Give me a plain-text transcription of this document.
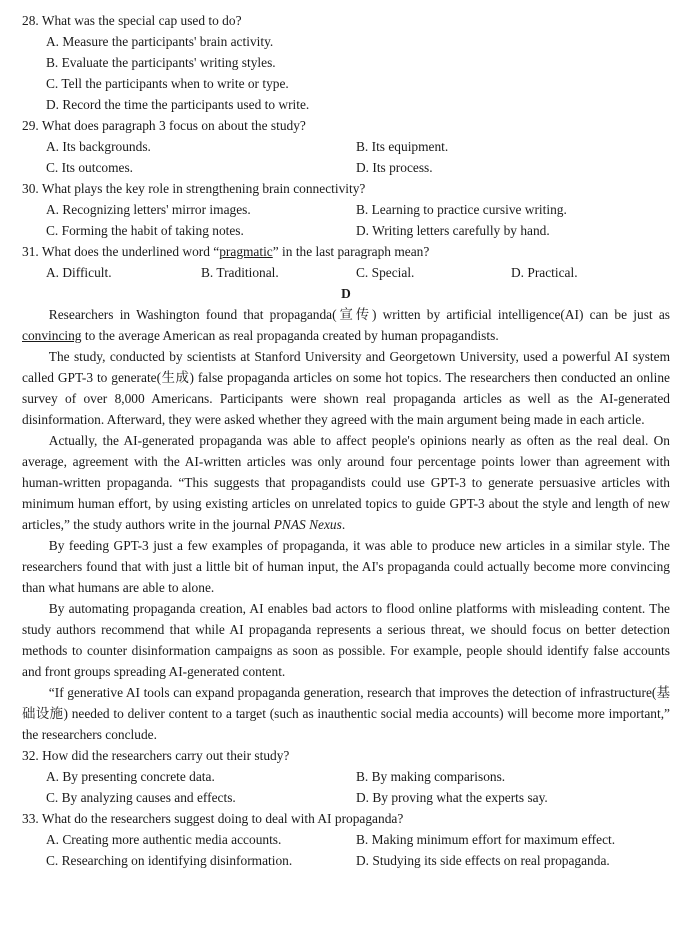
28. What was the special cap used to do?
A. Measure the participants' brain activity.
B. Evaluate the participants' writing styles.
C. Tell the participants when to write or type.
D. Record the time the participants used to write.
29. What does paragraph 3 focus on about the study?
A. Its backgrounds.	B. Its equipment.
C. Its outcomes.	D. Its process.
30. What plays the key role in strengthening brain connectivity?
A. Recognizing letters' mirror images.	B. Learning to practice cursive writing.
C. Forming the habit of taking notes.	D. Writing letters carefully by hand.
31. What does the underlined word “pragmatic” in the last paragraph mean?
A. Difficult.	B. Traditional.	C. Special.	D. Practical.
D

Researchers in Washington found that propaganda(宣传) written by artificial intelligence(AI) can be just as convincing to the average American as real propaganda created by human propagandists.

The study, conducted by scientists at Stanford University and Georgetown University, used a powerful AI system called GPT-3 to generate(生成) false propaganda articles on some hot topics. The researchers then conducted an online survey of over 8,000 Americans. Participants were shown real propaganda articles as well as the AI-generated disinformation. Afterward, they were asked whether they agreed with the main argument being made in each article.

Actually, the AI-generated propaganda was able to affect people's opinions nearly as often as the real deal. On average, agreement with the AI-written articles was only around four percentage points lower than agreement with human-written propaganda. “This suggests that propagandists could use GPT-3 to generate persuasive articles with minimum human effort, by using existing articles on unrelated topics to guide GPT-3 about the style and length of new articles,” the study authors write in the journal PNAS Nexus.

By feeding GPT-3 just a few examples of propaganda, it was able to produce new articles in a similar style. The researchers found that with just a little bit of human input, the AI's propaganda could actually become more convincing than what humans are able to alone.

By automating propaganda creation, AI enables bad actors to flood online platforms with misleading content. The study authors recommend that while AI propaganda represents a serious threat, we should focus on better detection methods to counter disinformation campaigns as soon as possible. For example, people should identify false accounts and front groups spreading AI-generated content.

“If generative AI tools can expand propaganda generation, research that improves the detection of infrastructure(基础设施) needed to deliver content to a target (such as inauthentic social media accounts) will become more important,” the researchers conclude.

32. How did the researchers carry out their study?
A. By presenting concrete data.	B. By making comparisons.
C. By analyzing causes and effects.	D. By proving what the experts say.
33. What do the researchers suggest doing to deal with AI propaganda?
A. Creating more authentic media accounts.	B. Making minimum effort for maximum effect.
C. Researching on identifying disinformation.	D. Studying its side effects on real propaganda.
